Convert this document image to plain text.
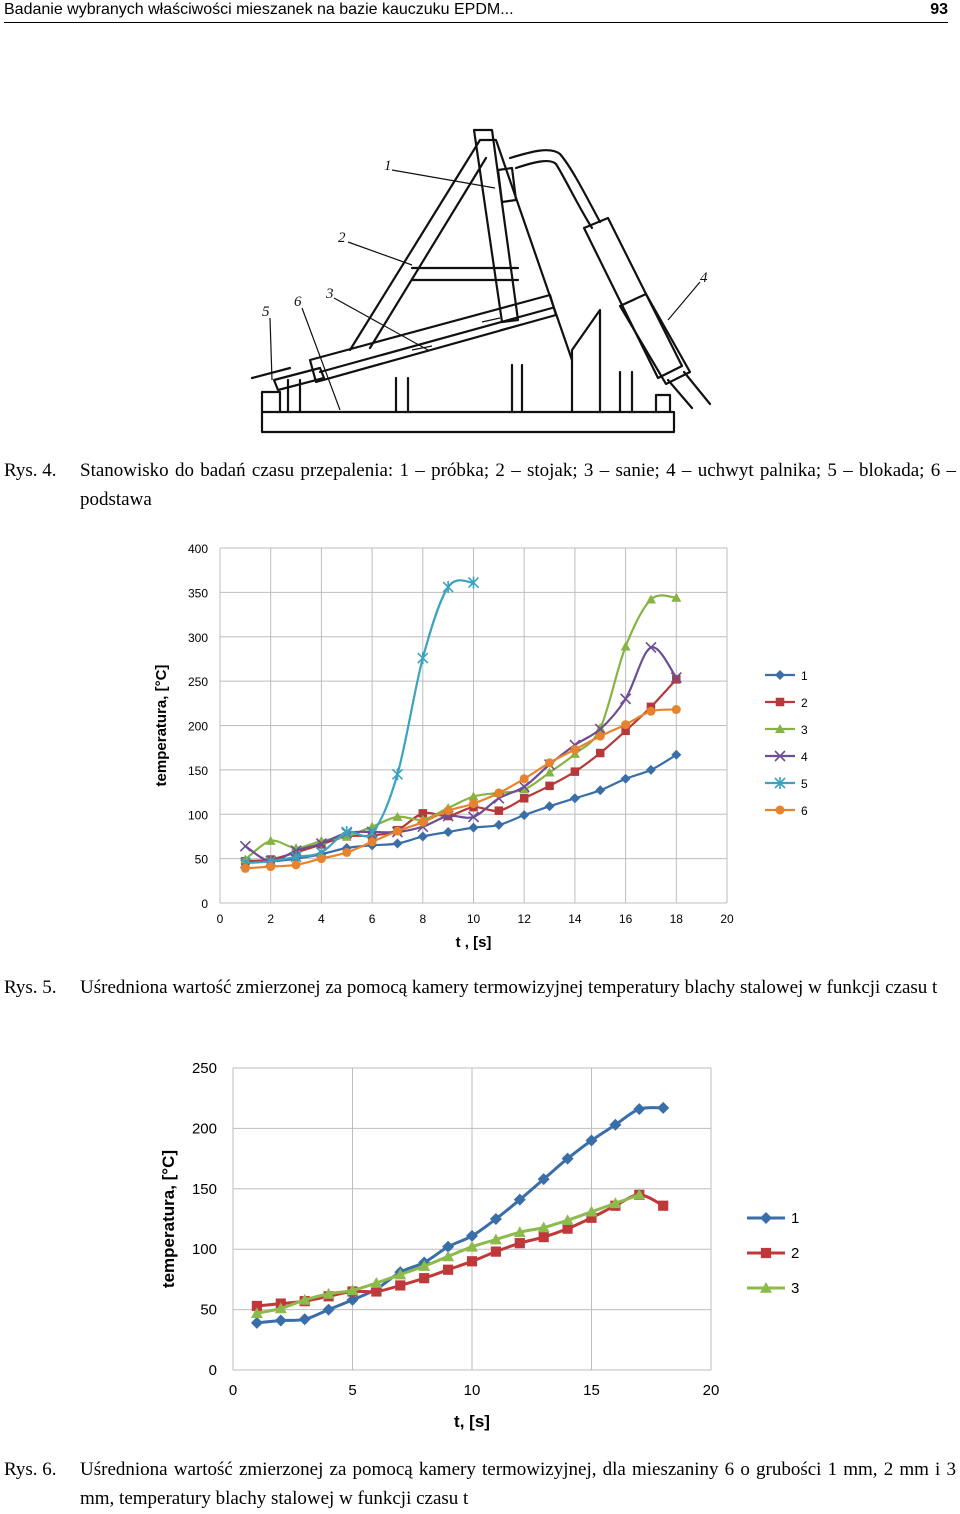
Badanie wybranych właściwości mieszanek na bazie kauczuku EPDM...	93
1
2
3
4
5
6
Rys. 4. Stanowisko do badań czasu przepalenia: 1 – próbka; 2 – stojak; 3 – sanie; 4 – uchwyt palnika; 5 – blokada; 6 – podstawa
0	2	4	6	8	10	12	14	16	18	20
0
50
100
150
200
250
300
350
400
t , [s]
temperatura, [°C]	1
2
3
4
5
6
Rys. 5. Uśredniona wartość zmierzonej za pomocą kamery termowizyjnej temperatury blachy stalowej w funkcji czasu t
0	5	10	15	20
0
50
100
150
200
250
t, [s]
temperatura, [°C]	1
2
3
Rys. 6. Uśredniona wartość zmierzonej za pomocą kamery termowizyjnej, dla mieszaniny 6 o grubości 1 mm, 2 mm i 3 mm, temperatury blachy stalowej w funkcji czasu t
